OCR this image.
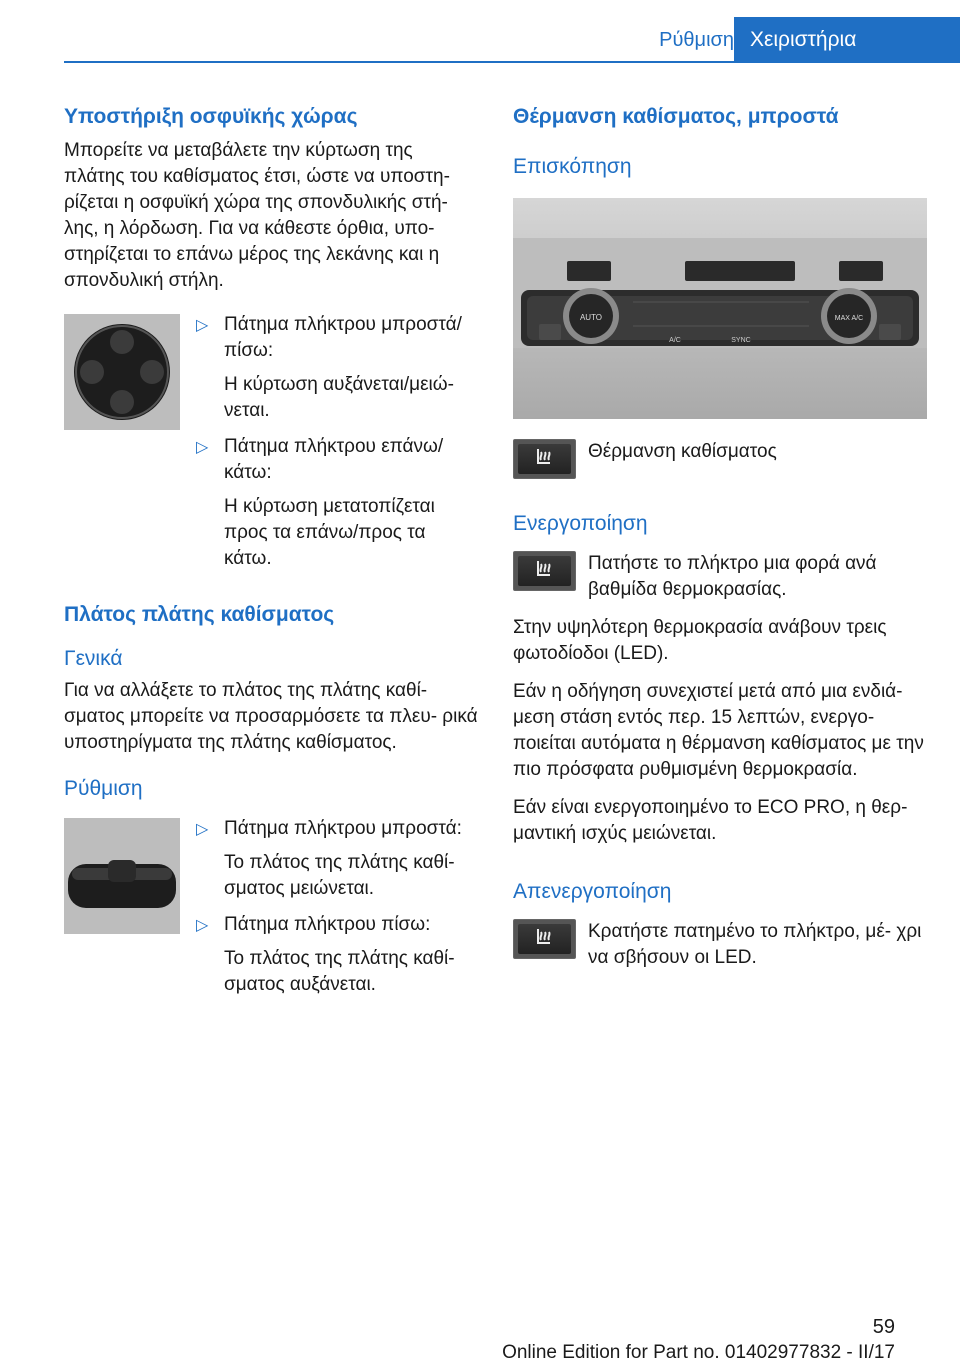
Ρύθμιση Χειριστήρια
Υποστήριξη οσφυϊκής χώρας

Μπορείτε να μεταβάλετε την κύρτωση της πλάτης του καθίσματος έτσι, ώστε να υποστη‐ ρίζεται η οσφυϊκή χώρα της σπονδυλικής στή‐ λης, η λόρδωση. Για να κάθεστε όρθια, υπο‐ στηρίζεται το επάνω μέρος της λεκάνης και η σπονδυλική στήλη.

▷ Πάτημα πλήκτρου μπροστά/ πίσω:
Η κύρτωση αυξάνεται/μειώ‐ νεται.
▷ Πάτημα πλήκτρου επάνω/ κάτω:
Η κύρτωση μετατοπίζεται προς τα επάνω/προς τα κάτω.
Πλάτος πλάτης καθίσματος
Γενικά

Για να αλλάξετε το πλάτος της πλάτης καθί‐ σματος μπορείτε να προσαρμόσετε τα πλευ‐ ρικά υποστηρίγματα της πλάτης καθίσματος.

Ρύθμιση
▷ Πάτημα πλήκτρου μπροστά:
Το πλάτος της πλάτης καθί‐ σματος μειώνεται.
▷ Πάτημα πλήκτρου πίσω:
Το πλάτος της πλάτης καθί‐ σματος αυξάνεται.
Θέρμανση καθίσματος, μπροστά
Επισκόπηση
AUTO	MAX A/C
A/C	SYNC

Θέρμανση καθίσματος

Ενεργοποίηση

Πατήστε το πλήκτρο μια φορά ανά βαθμίδα θερμοκρασίας.

Στην υψηλότερη θερμοκρασία ανάβουν τρεις φωτοδίοδοι (LED).

Εάν η οδήγηση συνεχιστεί μετά από μια ενδιά‐ μεση στάση εντός περ. 15 λεπτών, ενεργο‐ ποιείται αυτόματα η θέρμανση καθίσματος με την πιο πρόσφατα ρυθμισμένη θερμοκρασία.

Εάν είναι ενεργοποιημένο το ECO PRO, η θερ‐ μαντική ισχύς μειώνεται.

Απενεργοποίηση

Κρατήστε πατημένο το πλήκτρο, μέ‐ χρι να σβήσουν οι LED.

59
Online Edition for Part no. 01402977832 - II/17
